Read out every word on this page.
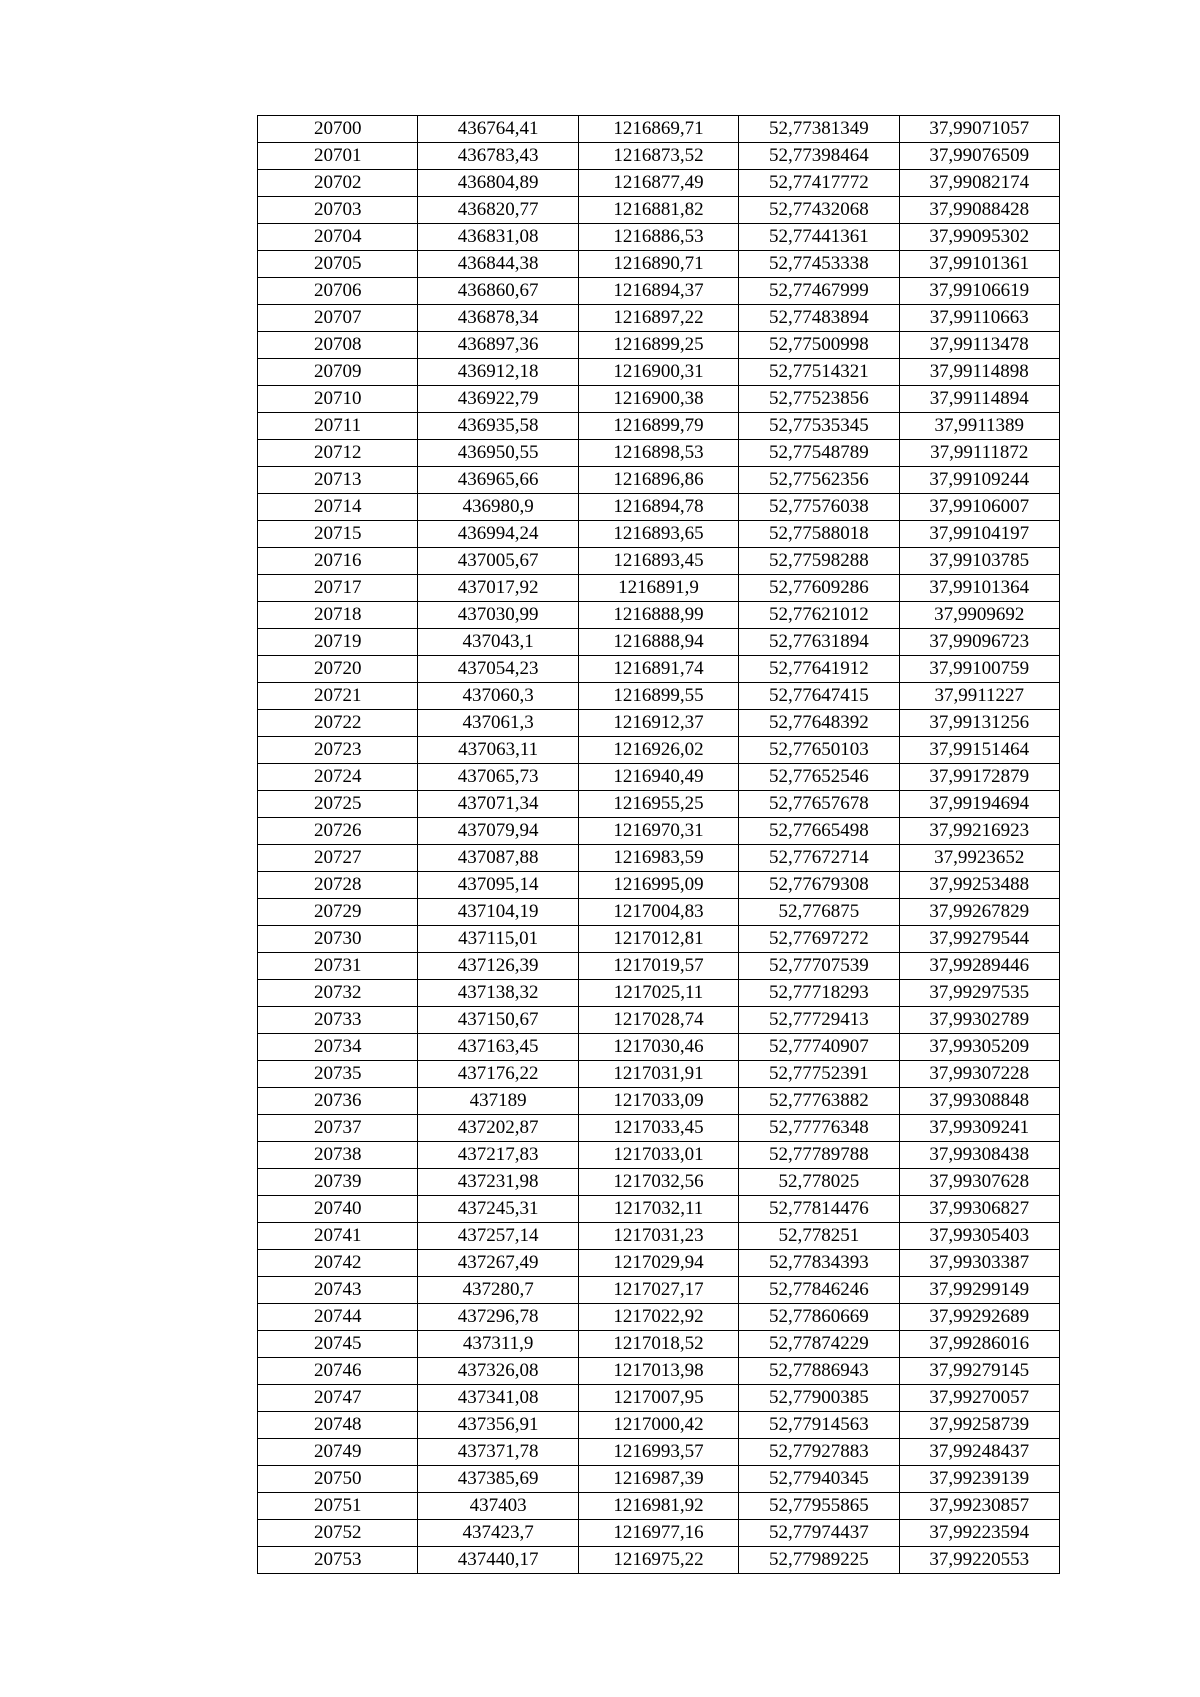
20700	436764,41	1216869,71	52,77381349	37,99071057
20701	436783,43	1216873,52	52,77398464	37,99076509
20702	436804,89	1216877,49	52,77417772	37,99082174
20703	436820,77	1216881,82	52,77432068	37,99088428
20704	436831,08	1216886,53	52,77441361	37,99095302
20705	436844,38	1216890,71	52,77453338	37,99101361
20706	436860,67	1216894,37	52,77467999	37,99106619
20707	436878,34	1216897,22	52,77483894	37,99110663
20708	436897,36	1216899,25	52,77500998	37,99113478
20709	436912,18	1216900,31	52,77514321	37,99114898
20710	436922,79	1216900,38	52,77523856	37,99114894
20711	436935,58	1216899,79	52,77535345	37,9911389
20712	436950,55	1216898,53	52,77548789	37,99111872
20713	436965,66	1216896,86	52,77562356	37,99109244
20714	436980,9	1216894,78	52,77576038	37,99106007
20715	436994,24	1216893,65	52,77588018	37,99104197
20716	437005,67	1216893,45	52,77598288	37,99103785
20717	437017,92	1216891,9	52,77609286	37,99101364
20718	437030,99	1216888,99	52,77621012	37,9909692
20719	437043,1	1216888,94	52,77631894	37,99096723
20720	437054,23	1216891,74	52,77641912	37,99100759
20721	437060,3	1216899,55	52,77647415	37,9911227
20722	437061,3	1216912,37	52,77648392	37,99131256
20723	437063,11	1216926,02	52,77650103	37,99151464
20724	437065,73	1216940,49	52,77652546	37,99172879
20725	437071,34	1216955,25	52,77657678	37,99194694
20726	437079,94	1216970,31	52,77665498	37,99216923
20727	437087,88	1216983,59	52,77672714	37,9923652
20728	437095,14	1216995,09	52,77679308	37,99253488
20729	437104,19	1217004,83	52,776875	37,99267829
20730	437115,01	1217012,81	52,77697272	37,99279544
20731	437126,39	1217019,57	52,77707539	37,99289446
20732	437138,32	1217025,11	52,77718293	37,99297535
20733	437150,67	1217028,74	52,77729413	37,99302789
20734	437163,45	1217030,46	52,77740907	37,99305209
20735	437176,22	1217031,91	52,77752391	37,99307228
20736	437189	1217033,09	52,77763882	37,99308848
20737	437202,87	1217033,45	52,77776348	37,99309241
20738	437217,83	1217033,01	52,77789788	37,99308438
20739	437231,98	1217032,56	52,778025	37,99307628
20740	437245,31	1217032,11	52,77814476	37,99306827
20741	437257,14	1217031,23	52,778251	37,99305403
20742	437267,49	1217029,94	52,77834393	37,99303387
20743	437280,7	1217027,17	52,77846246	37,99299149
20744	437296,78	1217022,92	52,77860669	37,99292689
20745	437311,9	1217018,52	52,77874229	37,99286016
20746	437326,08	1217013,98	52,77886943	37,99279145
20747	437341,08	1217007,95	52,77900385	37,99270057
20748	437356,91	1217000,42	52,77914563	37,99258739
20749	437371,78	1216993,57	52,77927883	37,99248437
20750	437385,69	1216987,39	52,77940345	37,99239139
20751	437403	1216981,92	52,77955865	37,99230857
20752	437423,7	1216977,16	52,77974437	37,99223594
20753	437440,17	1216975,22	52,77989225	37,99220553
